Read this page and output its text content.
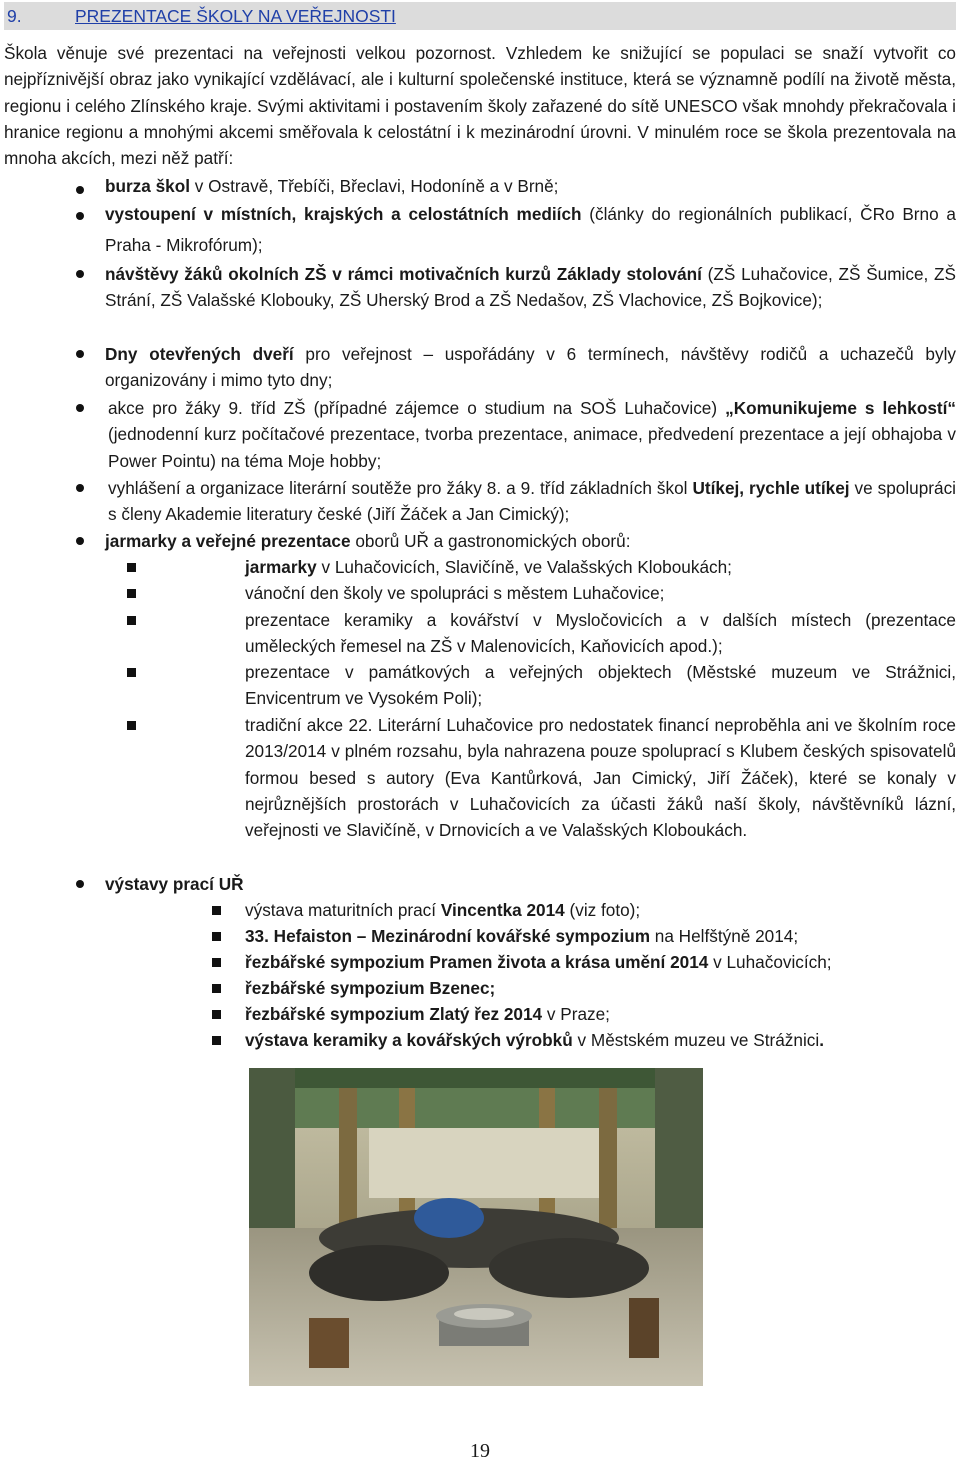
9.	PREZENTACE ŠKOLY NA VEŘEJNOSTI
Škola věnuje své prezentaci na veřejnosti velkou pozornost. Vzhledem ke snižující se populaci se snaží vytvořit co nejpříznivější obraz jako vynikající vzdělávací, ale i kulturní společenské instituce, která se významně podílí na životě města, regionu i celého Zlínského kraje. Svými aktivitami i postavením školy zařazené do sítě UNESCO však mnohdy překračovala i hranice regionu a mnohými akcemi směřovala k celostátní i k mezinárodní úrovni. V minulém roce se škola prezentovala na mnoha akcích, mezi něž patří:
burza škol v Ostravě, Třebíči, Břeclavi, Hodoníně a v Brně;
vystoupení v místních, krajských a celostátních mediích (články do regionálních publikací, ČRo Brno a Praha - Mikrofórum);
návštěvy žáků okolních ZŠ v rámci motivačních kurzů Základy stolování (ZŠ Luhačovice, ZŠ Šumice, ZŠ Strání, ZŠ Valašské Klobouky, ZŠ Uherský Brod a ZŠ Nedašov, ZŠ Vlachovice, ZŠ Bojkovice);
Dny otevřených dveří pro veřejnost – uspořádány v 6 termínech, návštěvy rodičů a uchazečů byly organizovány i mimo tyto dny;
akce pro žáky 9. tříd ZŠ (případné zájemce o studium na SOŠ Luhačovice) „Komunikujeme s lehkostí“ (jednodenní kurz počítačové prezentace, tvorba prezentace, animace, předvedení prezentace a její obhajoba v Power Pointu) na téma Moje hobby;
vyhlášení a organizace literární soutěže pro žáky 8. a 9. tříd základních škol Utíkej, rychle utíkej ve spolupráci s členy Akademie literatury české (Jiří Žáček a Jan Cimický);
jarmarky a veřejné prezentace oborů UŘ a gastronomických oborů:
jarmarky v Luhačovicích, Slavičíně, ve Valašských Kloboukách;
vánoční den školy ve spolupráci s městem Luhačovice;
prezentace keramiky a kovářství v Mysločovicích a v dalších místech (prezentace uměleckých řemesel na ZŠ v Malenovicích, Kaňovicích apod.);
prezentace v památkových a veřejných objektech (Městské muzeum ve Strážnici, Envicentrum ve Vysokém Poli);
tradiční akce 22. Literární Luhačovice pro nedostatek financí neproběhla ani ve školním roce 2013/2014 v plném rozsahu, byla nahrazena pouze spoluprací s Klubem českých spisovatelů formou besed s autory (Eva Kantůrková, Jan Cimický, Jiří Žáček), které se konaly v nejrůznějších prostorách v Luhačovicích za účasti žáků naší školy, návštěvníků lázní, veřejnosti ve Slavičíně, v Drnovicích a ve Valašských Kloboukách.
výstavy prací UŘ
výstava maturitních prací Vincentka 2014 (viz foto);
33. Hefaiston – Mezinárodní kovářské sympozium na Helfštýně 2014;
řezbářské sympozium Pramen života a krása umění 2014 v Luhačovicích;
řezbářské sympozium Bzenec;
řezbářské sympozium Zlatý řez 2014 v Praze;
výstava keramiky a kovářských výrobků v Městském muzeu ve Strážnici.
19
